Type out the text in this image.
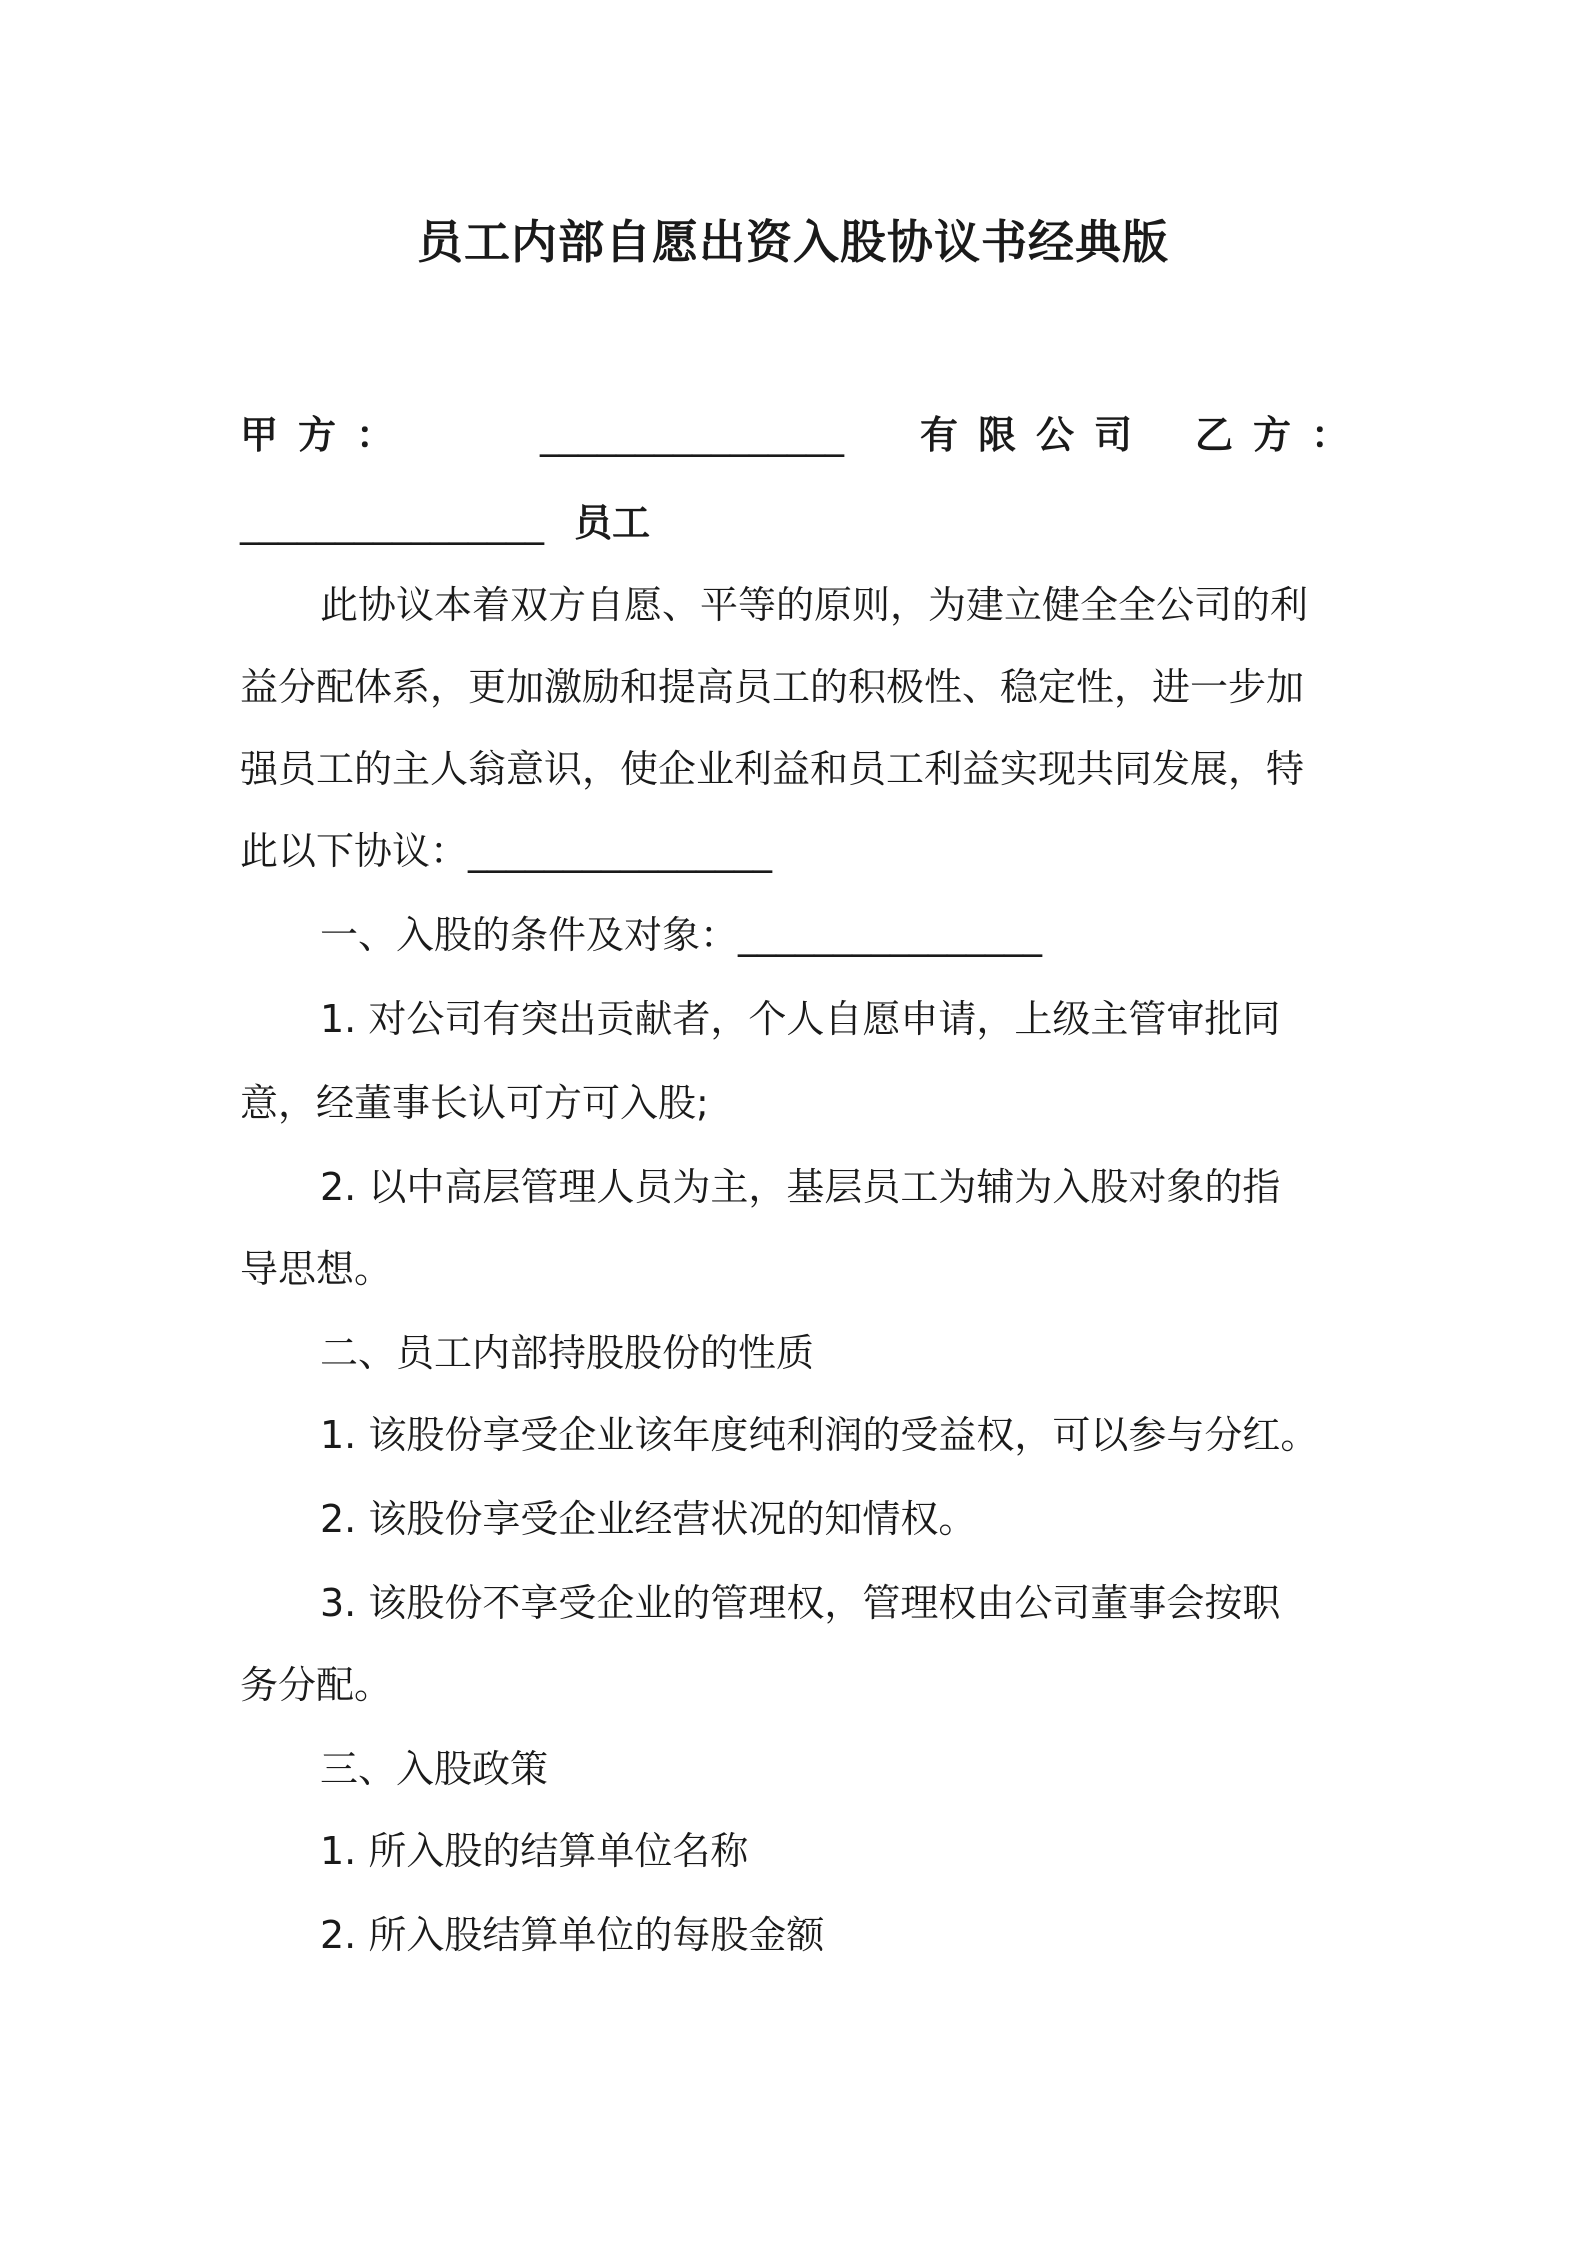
员工内部自愿出资入股协议书经典版
甲方：	________________ 有限公司 乙方：
________________ 员工
此协议本着双方自愿、平等的原则，为建立健全全公司的利
益分配体系，更加激励和提高员工的积极性、稳定性，进一步加
强员工的主人翁意识，使企业利益和员工利益实现共同发展，特
此以下协议：________________
一、入股的条件及对象：________________
1. 对公司有突出贡献者，个人自愿申请，上级主管审批同
意，经董事长认可方可入股;
2. 以中高层管理人员为主，基层员工为辅为入股对象的指
导思想。
二、员工内部持股股份的性质
1. 该股份享受企业该年度纯利润的受益权，可以参与分红。
2. 该股份享受企业经营状况的知情权。
3. 该股份不享受企业的管理权，管理权由公司董事会按职
务分配。
三、入股政策
1. 所入股的结算单位名称
2. 所入股结算单位的每股金额
